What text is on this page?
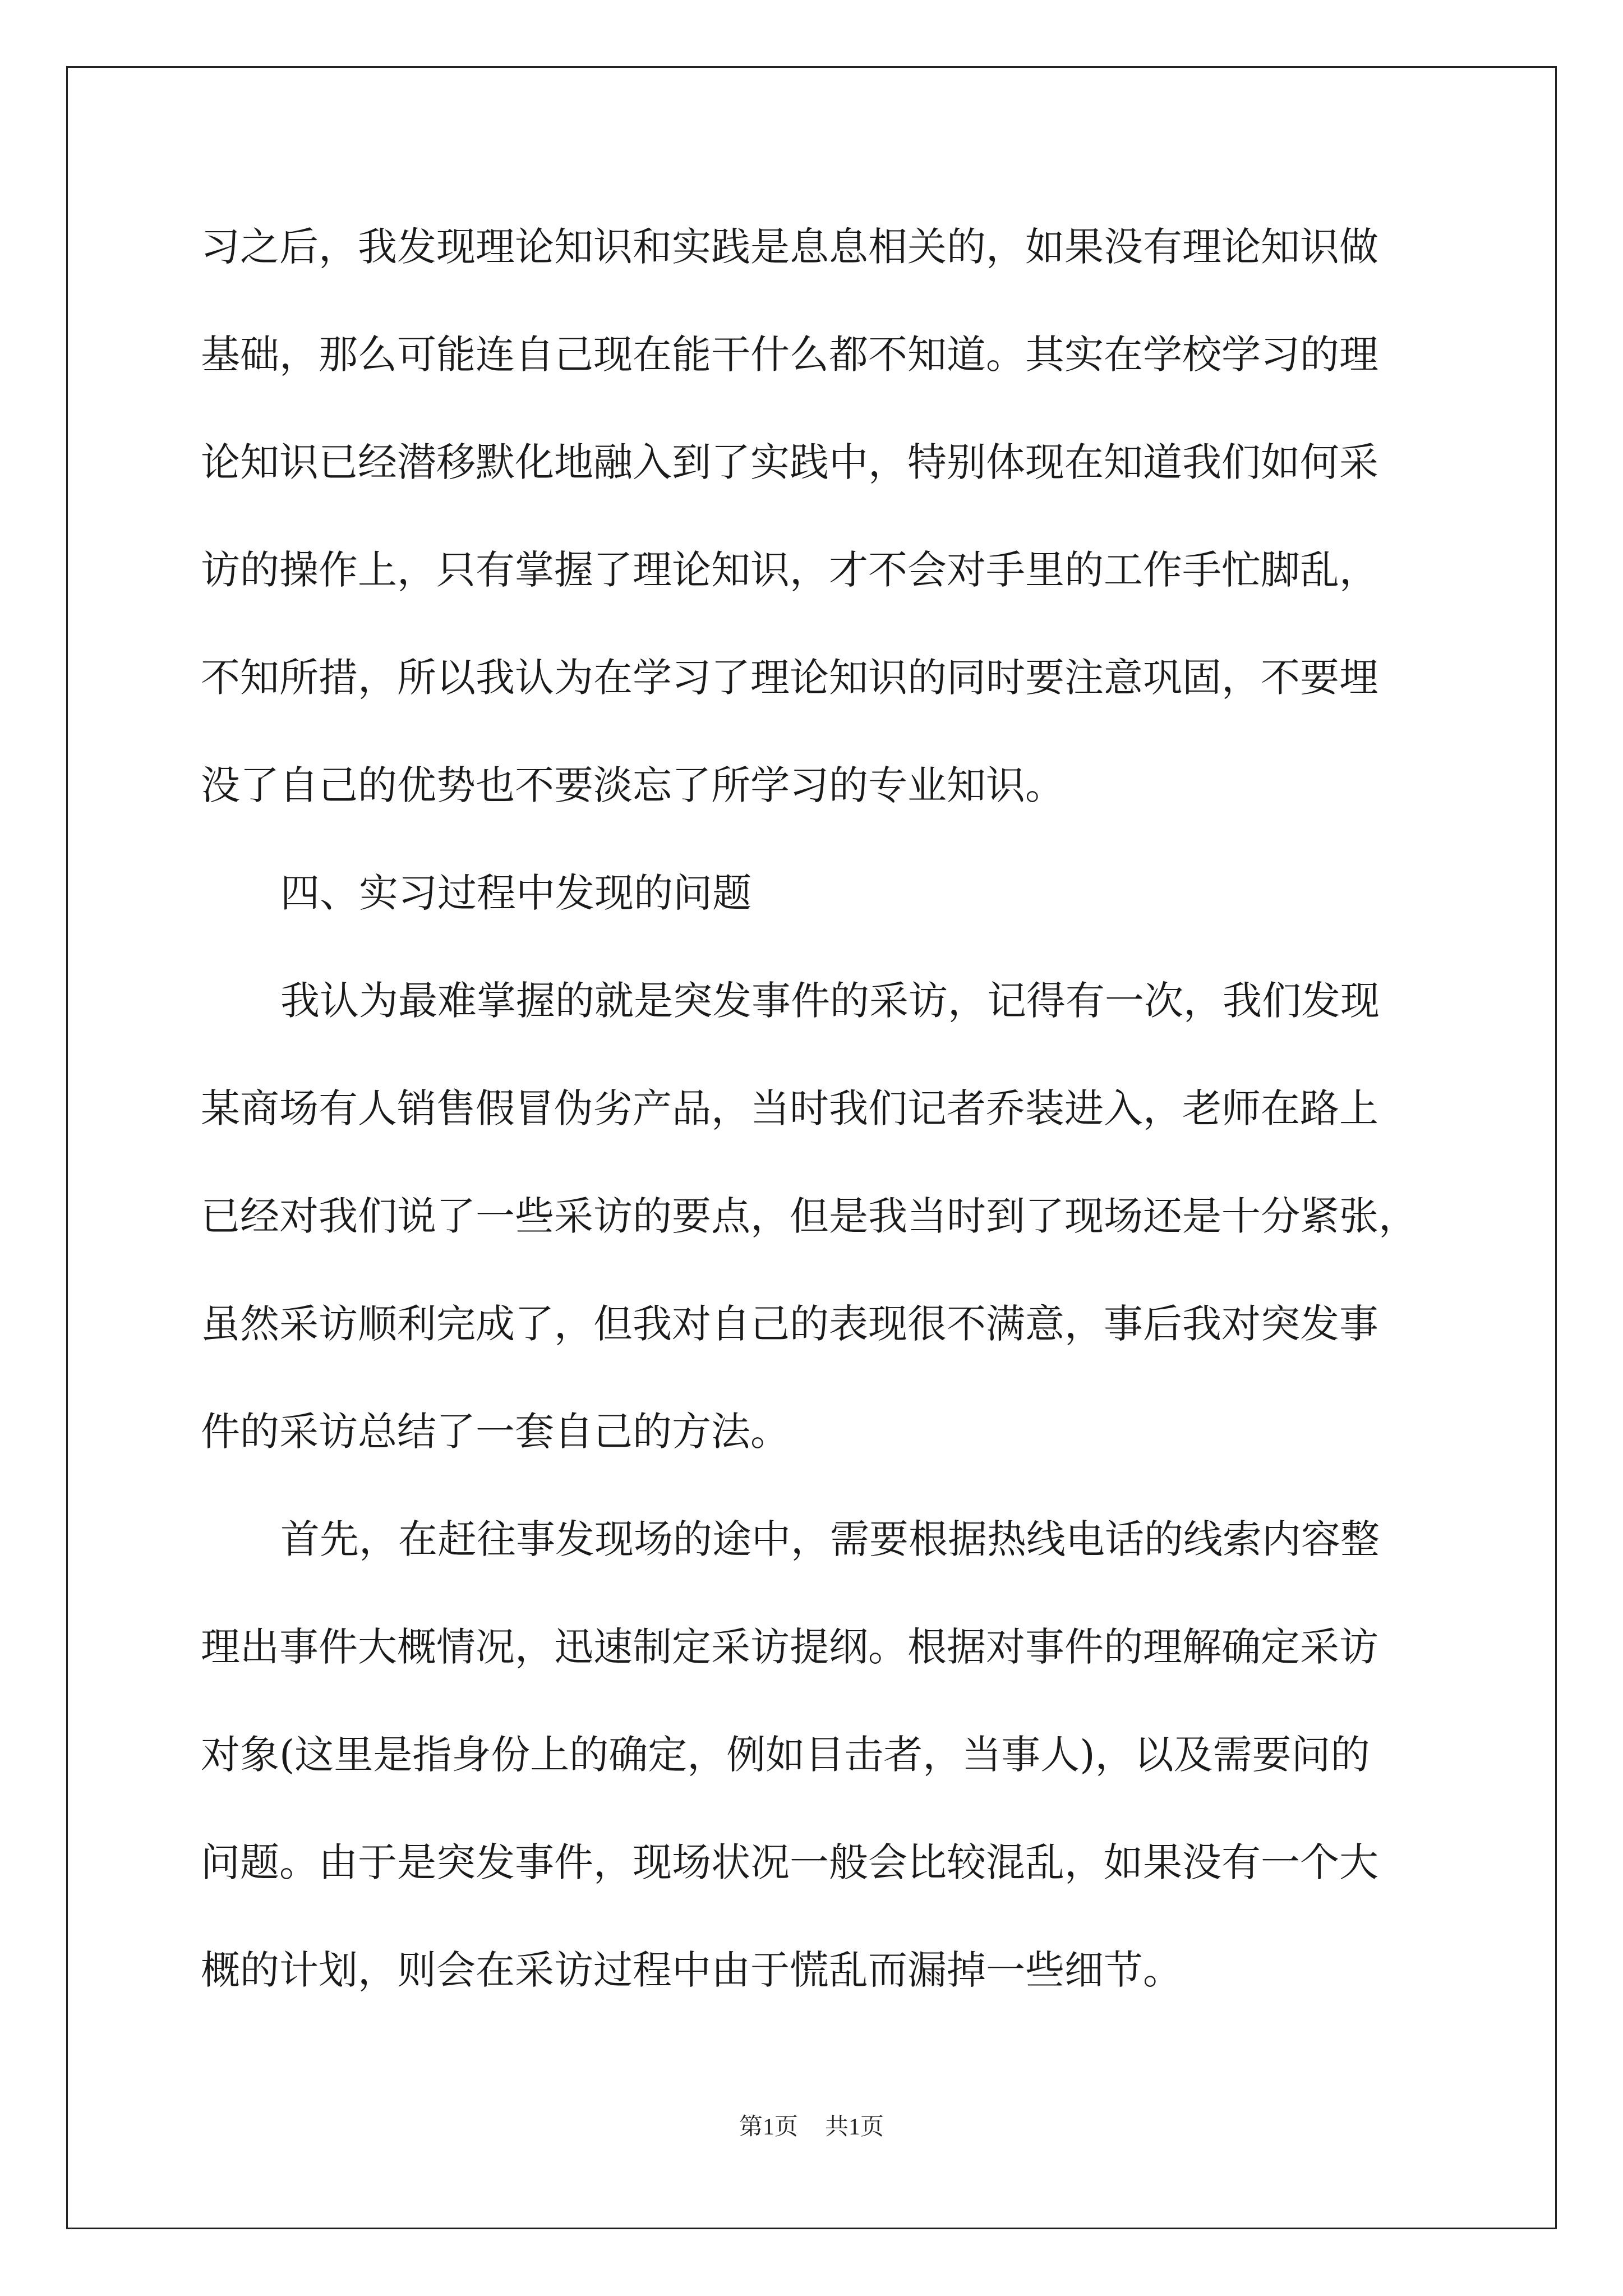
习之后，我发现理论知识和实践是息息相关的，如果没有理论知识做
基础，那么可能连自己现在能干什么都不知道。其实在学校学习的理
论知识已经潜移默化地融入到了实践中，特别体现在知道我们如何采
访的操作上，只有掌握了理论知识，才不会对手里的工作手忙脚乱，
不知所措，所以我认为在学习了理论知识的同时要注意巩固，不要埋
没了自己的优势也不要淡忘了所学习的专业知识。
四、实习过程中发现的问题
我认为最难掌握的就是突发事件的采访，记得有一次，我们发现
某商场有人销售假冒伪劣产品，当时我们记者乔装进入，老师在路上
已经对我们说了一些采访的要点，但是我当时到了现场还是十分紧张，
虽然采访顺利完成了，但我对自己的表现很不满意，事后我对突发事
件的采访总结了一套自己的方法。
首先，在赶往事发现场的途中，需要根据热线电话的线索内容整
理出事件大概情况，迅速制定采访提纲。根据对事件的理解确定采访
对象(这里是指身份上的确定，例如目击者，当事人)，以及需要问的
问题。由于是突发事件，现场状况一般会比较混乱，如果没有一个大
概的计划，则会在采访过程中由于慌乱而漏掉一些细节。
第1页 共1页
